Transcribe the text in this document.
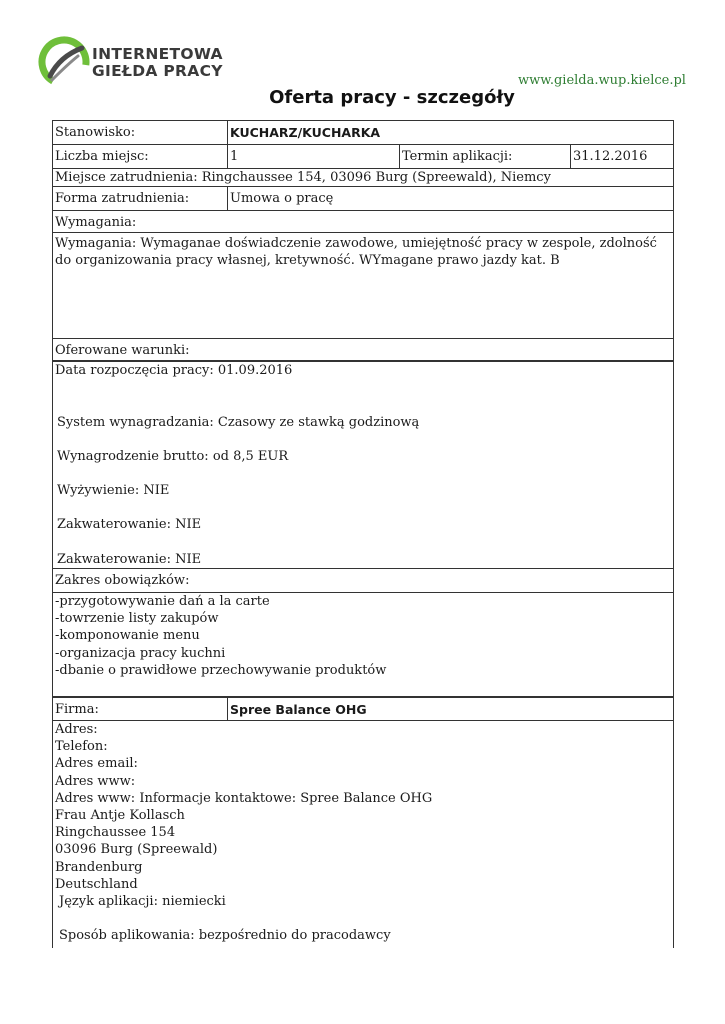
INTERNETOWA
GIEŁDA PRACY
www.gielda.wup.kielce.pl
Oferta pracy - szczegóły
Stanowisko:	KUCHARZ/KUCHARKA
Liczba miejsc:	1	Termin aplikacji:	31.12.2016
Miejsce zatrudnienia: Ringchaussee 154, 03096 Burg (Spreewald), Niemcy
Forma zatrudnienia:	Umowa o pracę
Wymagania:
Wymagania: Wymaganae doświadczenie zawodowe, umiejętność pracy w zespole, zdolność do organizowania pracy własnej, kretywność. WYmagane prawo jazdy kat. B
Oferowane warunki:
Data rozpoczęcia pracy: 01.09.2016
System wynagradzania: Czasowy ze stawką godzinową
Wynagrodzenie brutto: od 8,5 EUR
Wyżywienie: NIE
Zakwaterowanie: NIE
Zakwaterowanie: NIE
Zakres obowiązków:

-przygotowywanie dań a la carte

-towrzenie listy zakupów

-komponowanie menu

-organizacja pracy kuchni

-dbanie o prawidłowe przechowywanie produktów

Firma:	Spree Balance OHG

Adres:

Telefon:

Adres email:

Adres www:

Adres www: Informacje kontaktowe: Spree Balance OHG

Frau Antje Kollasch

Ringchaussee 154

03096 Burg (Spreewald)

Brandenburg

Deutschland

Język aplikacji: niemiecki

Sposób aplikowania: bezpośrednio do pracodawcy
